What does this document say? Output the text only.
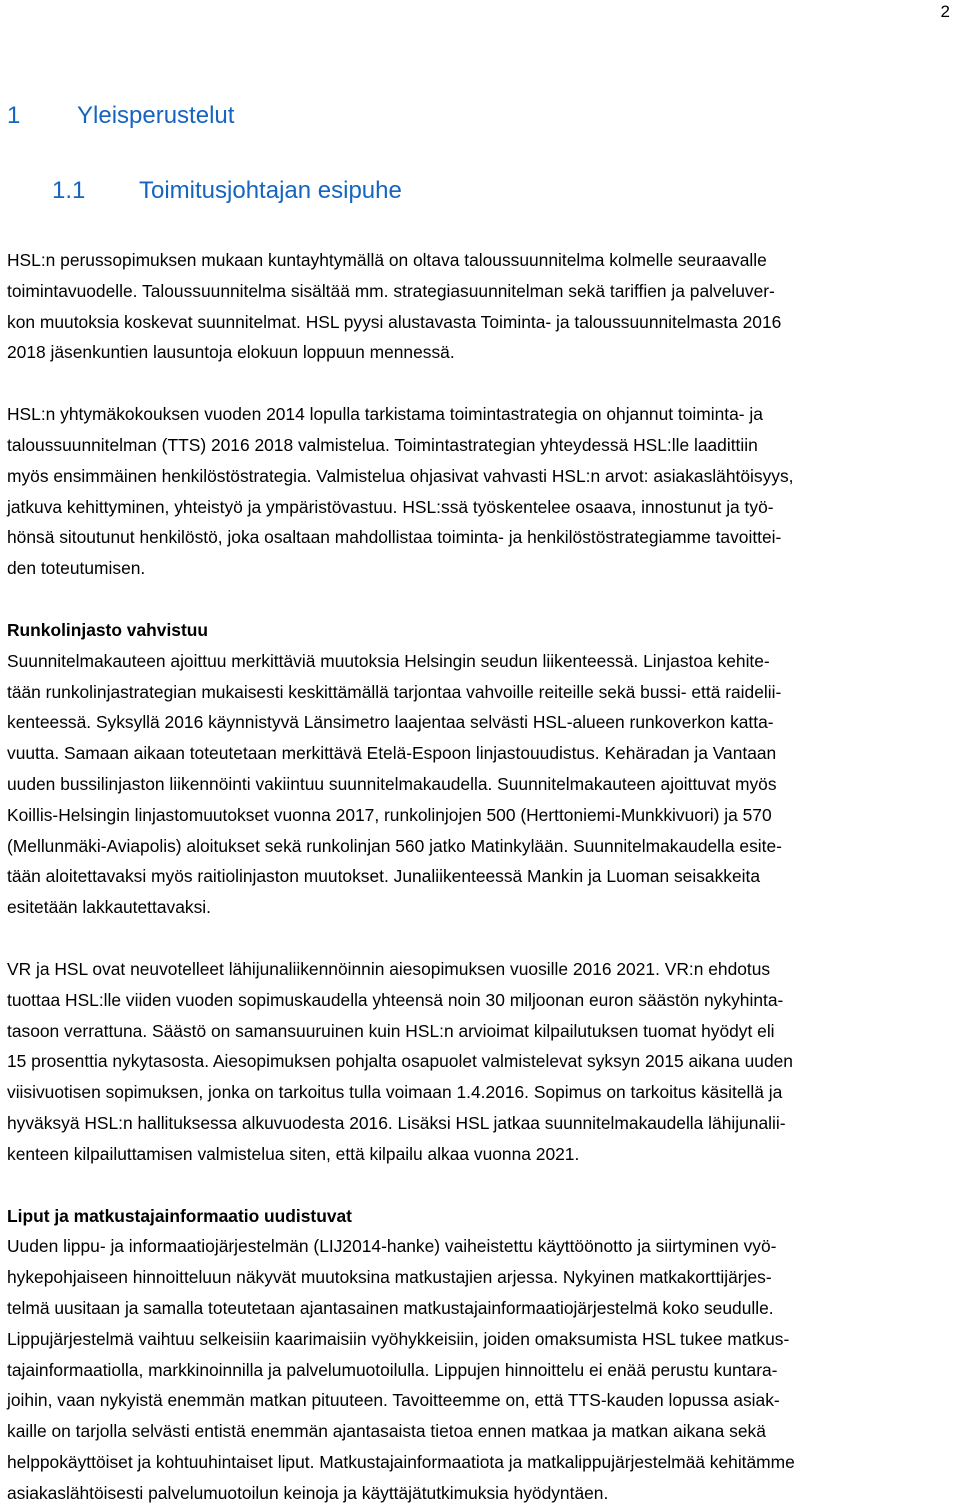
2
1 Yleisperustelut
1.1 Toimitusjohtajan esipuhe

HSL:n perussopimuksen mukaan kuntayhtymällä on oltava taloussuunnitelma kolmelle seuraavalle
toimintavuodelle. Taloussuunnitelma sisältää mm. strategiasuunnitelman sekä tariffien ja palveluver-
kon muutoksia koskevat suunnitelmat. HSL pyysi alustavasta Toiminta- ja taloussuunnitelmasta 2016
2018 jäsenkuntien lausuntoja elokuun loppuun mennessä.

HSL:n yhtymäkokouksen vuoden 2014 lopulla tarkistama toimintastrategia on ohjannut toiminta- ja
taloussuunnitelman (TTS) 2016 2018 valmistelua. Toimintastrategian yhteydessä HSL:lle laadittiin
myös ensimmäinen henkilöstöstrategia. Valmistelua ohjasivat vahvasti HSL:n arvot: asiakaslähtöisyys,
jatkuva kehittyminen, yhteistyö ja ympäristövastuu. HSL:ssä työskentelee osaava, innostunut ja työ-
hönsä sitoutunut henkilöstö, joka osaltaan mahdollistaa toiminta- ja henkilöstöstrategiamme tavoittei-
den toteutumisen.

Runkolinjasto vahvistuu

Suunnitelmakauteen ajoittuu merkittäviä muutoksia Helsingin seudun liikenteessä. Linjastoa kehite-
tään runkolinjastrategian mukaisesti keskittämällä tarjontaa vahvoille reiteille sekä bussi- että raidelii-
kenteessä. Syksyllä 2016 käynnistyvä Länsimetro laajentaa selvästi HSL-alueen runkoverkon katta-
vuutta. Samaan aikaan toteutetaan merkittävä Etelä-Espoon linjastouudistus. Kehäradan ja Vantaan
uuden bussilinjaston liikennöinti vakiintuu suunnitelmakaudella. Suunnitelmakauteen ajoittuvat myös
Koillis-Helsingin linjastomuutokset vuonna 2017, runkolinjojen 500 (Herttoniemi-Munkkivuori) ja 570
(Mellunmäki-Aviapolis) aloitukset sekä runkolinjan 560 jatko Matinkylään. Suunnitelmakaudella esite-
tään aloitettavaksi myös raitiolinjaston muutokset. Junaliikenteessä Mankin ja Luoman seisakkeita
esitetään lakkautettavaksi.

VR ja HSL ovat neuvotelleet lähijunaliikennöinnin aiesopimuksen vuosille 2016 2021. VR:n ehdotus
tuottaa HSL:lle viiden vuoden sopimuskaudella yhteensä noin 30 miljoonan euron säästön nykyhinta-
tasoon verrattuna. Säästö on samansuuruinen kuin HSL:n arvioimat kilpailutuksen tuomat hyödyt eli
15 prosenttia nykytasosta. Aiesopimuksen pohjalta osapuolet valmistelevat syksyn 2015 aikana uuden
viisivuotisen sopimuksen, jonka on tarkoitus tulla voimaan 1.4.2016. Sopimus on tarkoitus käsitellä ja
hyväksyä HSL:n hallituksessa alkuvuodesta 2016. Lisäksi HSL jatkaa suunnitelmakaudella lähijunalii-
kenteen kilpailuttamisen valmistelua siten, että kilpailu alkaa vuonna 2021.

Liput ja matkustajainformaatio uudistuvat

Uuden lippu- ja informaatiojärjestelmän (LIJ2014-hanke) vaiheistettu käyttöönotto ja siirtyminen vyö-
hykepohjaiseen hinnoitteluun näkyvät muutoksina matkustajien arjessa. Nykyinen matkakorttijärjes-
telmä uusitaan ja samalla toteutetaan ajantasainen matkustajainformaatiojärjestelmä koko seudulle.
Lippujärjestelmä vaihtuu selkeisiin kaarimaisiin vyöhykkeisiin, joiden omaksumista HSL tukee matkus-
tajainformaatiolla, markkinoinnilla ja palvelumuotoilulla. Lippujen hinnoittelu ei enää perustu kuntara-
joihin, vaan nykyistä enemmän matkan pituuteen. Tavoitteemme on, että TTS-kauden lopussa asiak-
kaille on tarjolla selvästi entistä enemmän ajantasaista tietoa ennen matkaa ja matkan aikana sekä
helppokäyttöiset ja kohtuuhintaiset liput. Matkustajainformaatiota ja matkalippujärjestelmää kehitämme
asiakaslähtöisesti palvelumuotoilun keinoja ja käyttäjätutkimuksia hyödyntäen.
